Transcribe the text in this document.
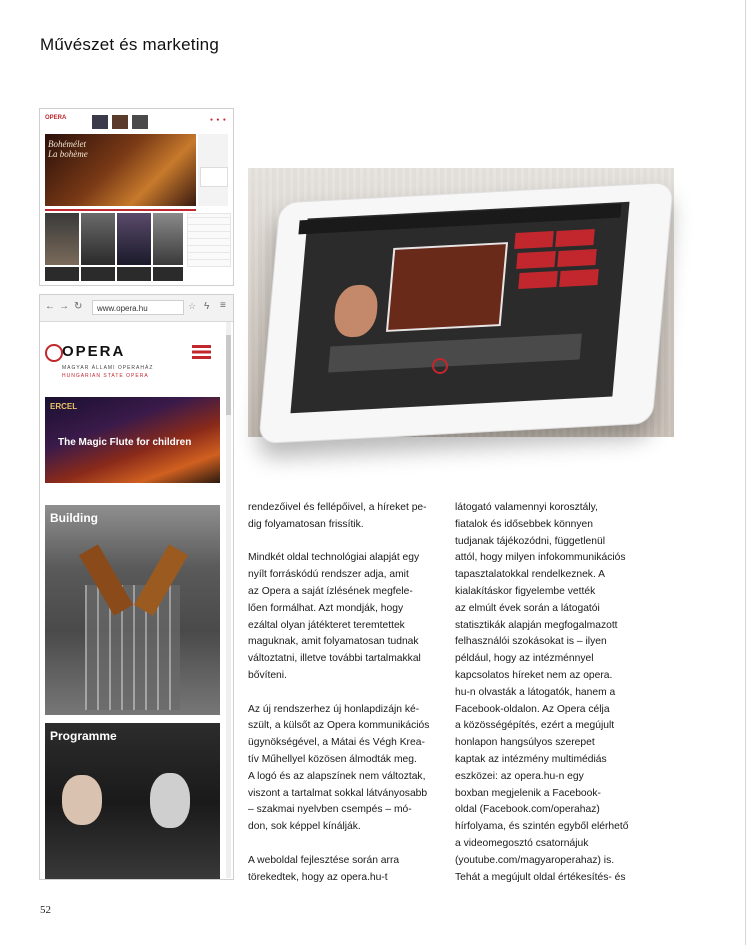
Művészet és marketing
OPERA	● ● ●
Bohémélet
La bohème
← → ↻	www.opera.hu	☆ ϟ ≡
OPERA
MAGYAR ÁLLAMI OPERAHÁZ
HUNGARIAN STATE OPERA
ERCEL
The Magic Flute for children
Building
Programme
rendezőivel és fellépőivel, a híreket pe-
dig folyamatosan frissítik.
Mindkét oldal technológiai alapját egy
nyílt forráskódú rendszer adja, amit
az Opera a saját ízlésének megfele-
lően formálhat. Azt mondják, hogy
ezáltal olyan játékteret teremtettek
maguknak, amit folyamatosan tudnak
változtatni, illetve további tartalmakkal
bővíteni.
Az új rendszerhez új honlapdizájn ké-
szült, a külsőt az Opera kommunikációs
ügynökségével, a Mátai és Végh Krea-
tív Műhellyel közösen álmodták meg.
A logó és az alapszínek nem változtak,
viszont a tartalmat sokkal látványosabb
– szakmai nyelvben csempés – mó-
don, sok képpel kínálják.
A weboldal fejlesztése során arra
törekedtek, hogy az opera.hu-t
látogató valamennyi korosztály,
fiatalok és idősebbek könnyen
tudjanak tájékozódni, függetlenül
attól, hogy milyen infokommunikációs
tapasztalatokkal rendelkeznek. A
kialakításkor figyelembe vették
az elmúlt évek során a látogatói
statisztikák alapján megfogalmazott
felhasználói szokásokat is – ilyen
például, hogy az intézménnyel
kapcsolatos híreket nem az opera.
hu-n olvasták a látogatók, hanem a
Facebook-oldalon. Az Opera célja
a közösségépítés, ezért a megújult
honlapon hangsúlyos szerepet
kaptak az intézmény multimédiás
eszközei: az opera.hu-n egy
boxban megjelenik a Facebook-
oldal (Facebook.com/operahaz)
hírfolyama, és szintén egyből elérhető
a videomegosztó csatornájuk
(youtube.com/magyaroperahaz) is.
Tehát a megújult oldal értékesítés- és
52
